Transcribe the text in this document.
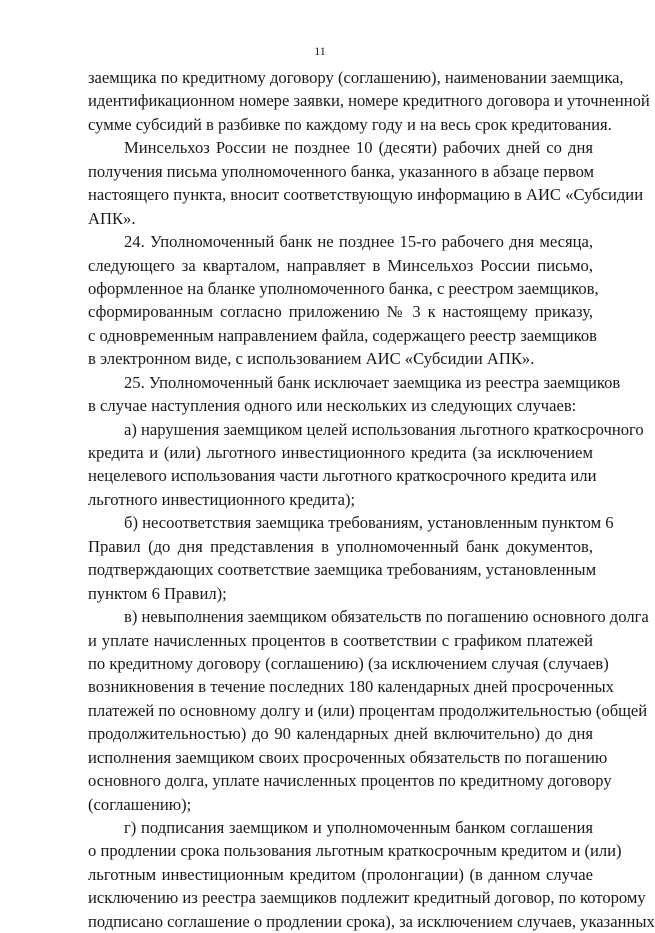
11
заемщика по кредитному договору (соглашению), наименовании заемщика,
идентификационном номере заявки, номере кредитного договора и уточненной
сумме субсидий в разбивке по каждому году и на весь срок кредитования.
Минсельхоз России не позднее 10 (десяти) рабочих дней со дня
получения письма уполномоченного банка, указанного в абзаце первом
настоящего пункта, вносит соответствующую информацию в АИС «Субсидии
АПК».
24. Уполномоченный банк не позднее 15-го рабочего дня месяца,
следующего за кварталом, направляет в Минсельхоз России письмо,
оформленное на бланке уполномоченного банка, с реестром заемщиков,
сформированным согласно приложению № 3 к настоящему приказу,
с одновременным направлением файла, содержащего реестр заемщиков
в электронном виде, с использованием АИС «Субсидии АПК».
25. Уполномоченный банк исключает заемщика из реестра заемщиков
в случае наступления одного или нескольких из следующих случаев:
а) нарушения заемщиком целей использования льготного краткосрочного
кредита и (или) льготного инвестиционного кредита (за исключением
нецелевого использования части льготного краткосрочного кредита или
льготного инвестиционного кредита);
б) несоответствия заемщика требованиям, установленным пунктом 6
Правил (до дня представления в уполномоченный банк документов,
подтверждающих соответствие заемщика требованиям, установленным
пунктом 6 Правил);
в) невыполнения заемщиком обязательств по погашению основного долга
и уплате начисленных процентов в соответствии с графиком платежей
по кредитному договору (соглашению) (за исключением случая (случаев)
возникновения в течение последних 180 календарных дней просроченных
платежей по основному долгу и (или) процентам продолжительностью (общей
продолжительностью) до 90 календарных дней включительно) до дня
исполнения заемщиком своих просроченных обязательств по погашению
основного долга, уплате начисленных процентов по кредитному договору
(соглашению);
г) подписания заемщиком и уполномоченным банком соглашения
о продлении срока пользования льготным краткосрочным кредитом и (или)
льготным инвестиционным кредитом (пролонгации) (в данном случае
исключению из реестра заемщиков подлежит кредитный договор, по которому
подписано соглашение о продлении срока), за исключением случаев, указанных
